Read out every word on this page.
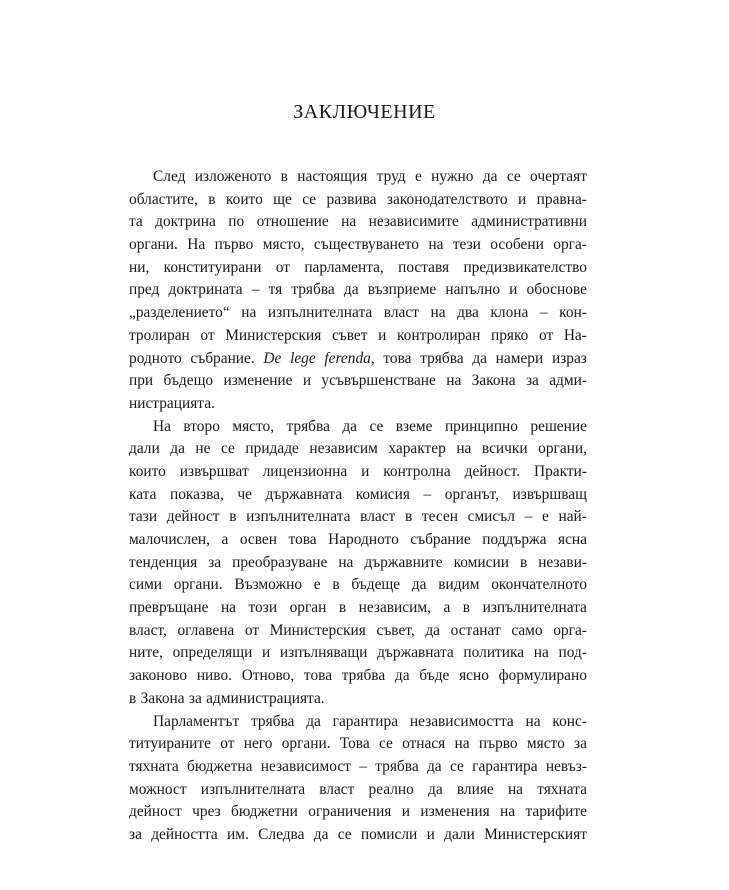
ЗАКЛЮЧЕНИЕ
След изложеното в настоящия труд е нужно да се очертаят
областите, в които ще се развива законодателството и правна-
та доктрина по отношение на независимите административни
органи. На първо място, съществуването на тези особени орга-
ни, конституирани от парламента, поставя предизвикателство
пред доктрината – тя трябва да възприеме напълно и обоснове
„разделението“ на изпълнителната власт на два клона – кон-
тролиран от Министерския съвет и контролиран пряко от На-
родното събрание. De lege ferenda, това трябва да намери израз
при бъдещо изменение и усъвършенстване на Закона за адми-
нистрацията.
На второ място, трябва да се вземе принципно решение
дали да не се придаде независим характер на всички органи,
които извършват лицензионна и контролна дейност. Практи-
ката показва, че държавната комисия – органът, извършващ
тази дейност в изпълнителната власт в тесен смисъл – е най-
малочислен, а освен това Народното събрание поддържа ясна
тенденция за преобразуване на държавните комисии в незави-
сими органи. Възможно е в бъдеще да видим окончателното
превръщане на този орган в независим, а в изпълнителната
власт, оглавена от Министерския съвет, да останат само орга-
ните, определящи и изпълняващи държавната политика на под-
законово ниво. Отново, това трябва да бъде ясно формулирано
в Закона за администрацията.
Парламентът трябва да гарантира независимостта на конс-
титуираните от него органи. Това се отнася на първо място за
тяхната бюджетна независимост – трябва да се гарантира невъз-
можност изпълнителната власт реално да влияе на тяхната
дейност чрез бюджетни ограничения и изменения на тарифите
за дейността им. Следва да се помисли и дали Министерският
